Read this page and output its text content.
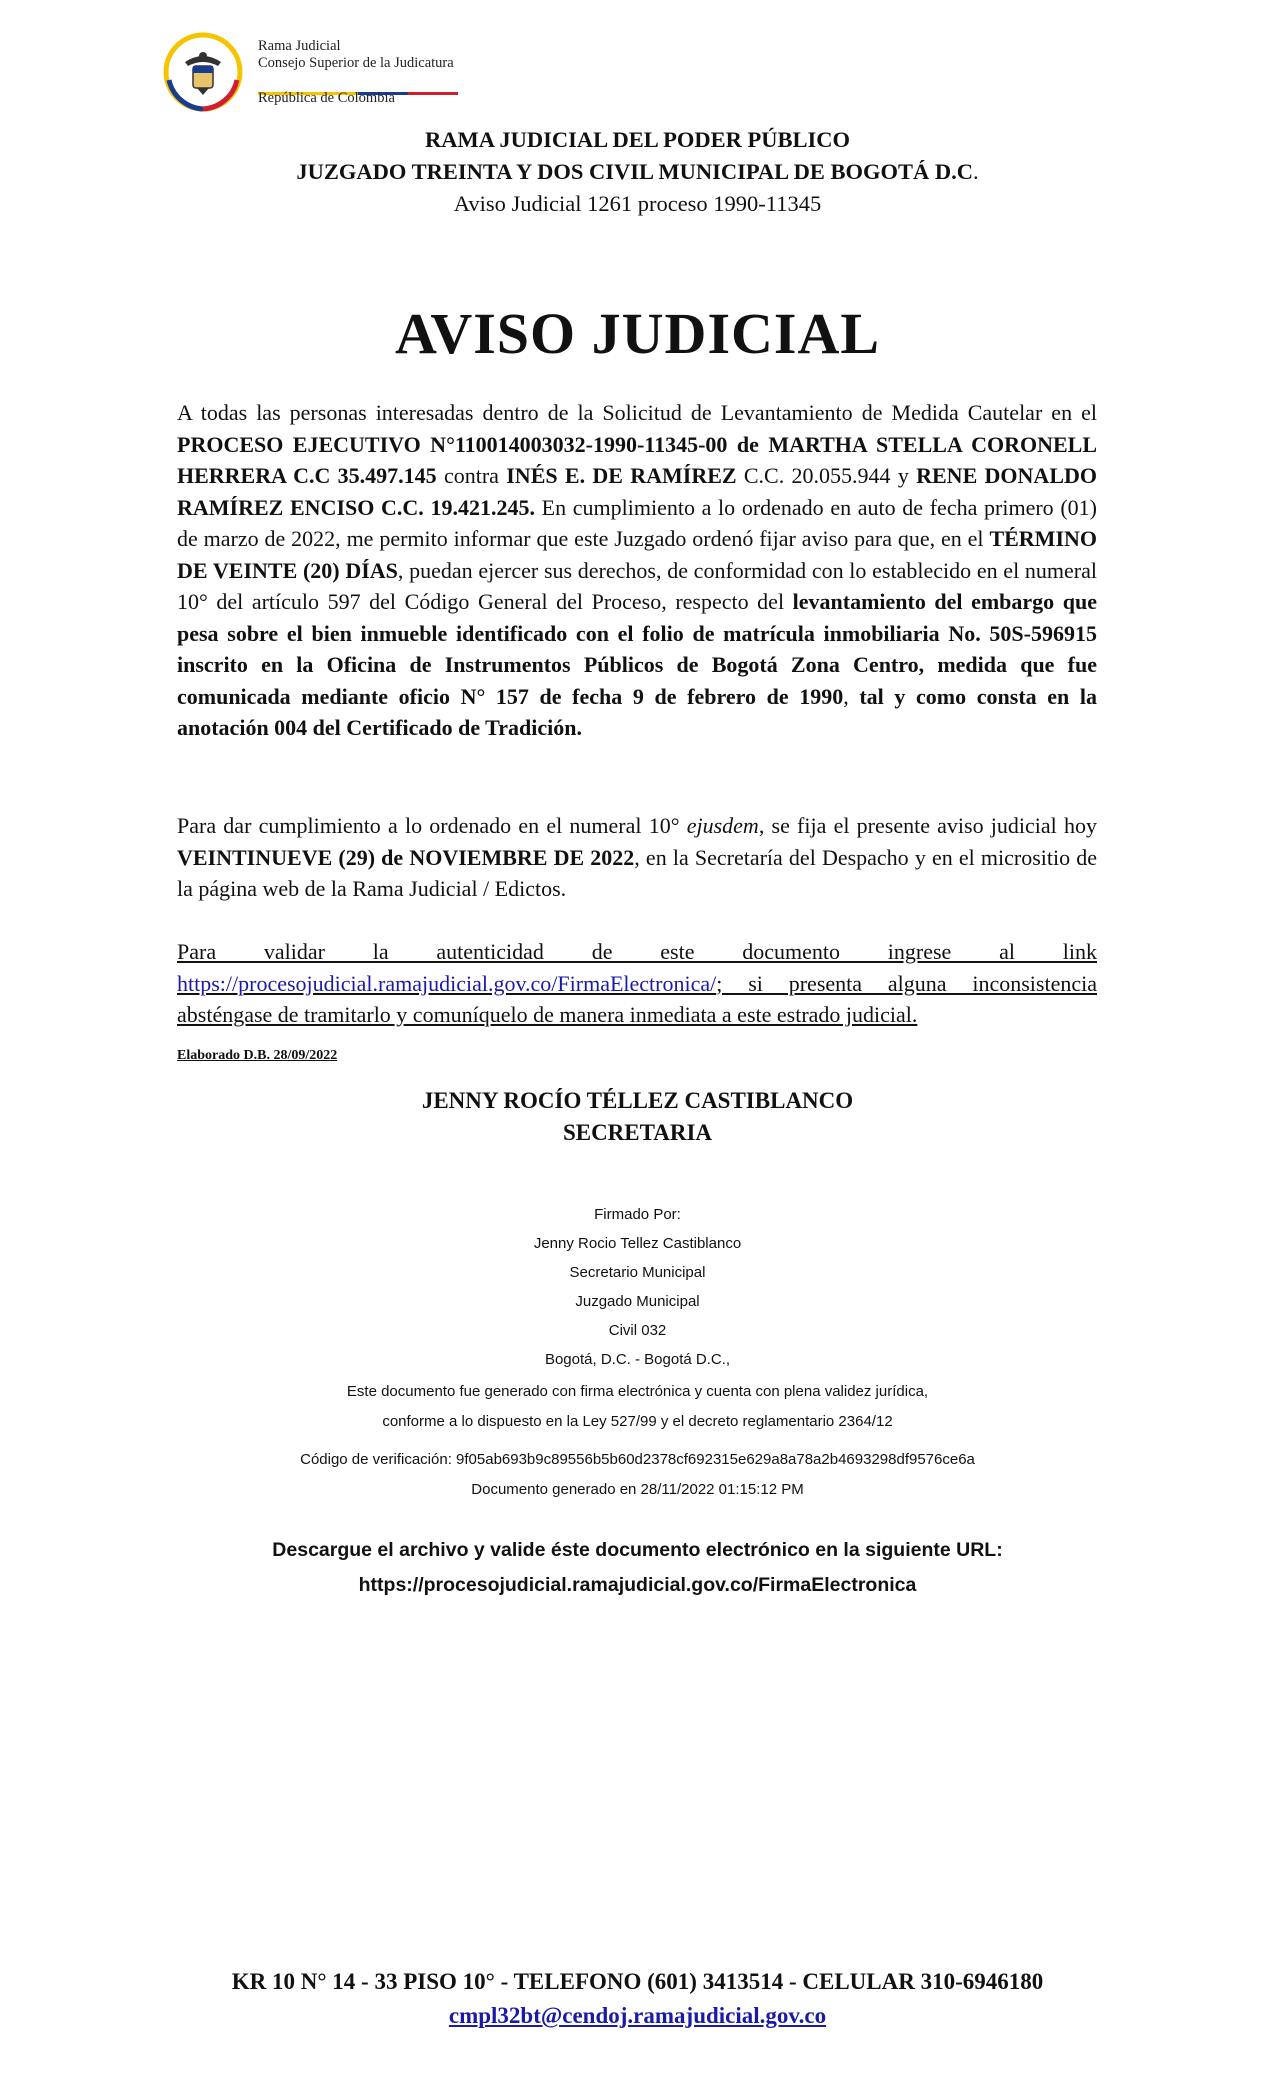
Rama Judicial
Consejo Superior de la Judicatura
República de Colombia
RAMA JUDICIAL DEL PODER PÚBLICO
JUZGADO TREINTA Y DOS CIVIL MUNICIPAL DE BOGOTÁ D.C.
Aviso Judicial 1261 proceso 1990-11345
AVISO JUDICIAL
A todas las personas interesadas dentro de la Solicitud de Levantamiento de Medida Cautelar en el PROCESO EJECUTIVO N°110014003032-1990-11345-00 de MARTHA STELLA CORONELL HERRERA C.C 35.497.145 contra INÉS E. DE RAMÍREZ C.C. 20.055.944 y RENE DONALDO RAMÍREZ ENCISO C.C. 19.421.245. En cumplimiento a lo ordenado en auto de fecha primero (01) de marzo de 2022, me permito informar que este Juzgado ordenó fijar aviso para que, en el TÉRMINO DE VEINTE (20) DÍAS, puedan ejercer sus derechos, de conformidad con lo establecido en el numeral 10° del artículo 597 del Código General del Proceso, respecto del levantamiento del embargo que pesa sobre el bien inmueble identificado con el folio de matrícula inmobiliaria No. 50S-596915 inscrito en la Oficina de Instrumentos Públicos de Bogotá Zona Centro, medida que fue comunicada mediante oficio N° 157 de fecha 9 de febrero de 1990, tal y como consta en la anotación 004 del Certificado de Tradición.
Para dar cumplimiento a lo ordenado en el numeral 10° ejusdem, se fija el presente aviso judicial hoy VEINTINUEVE (29) de NOVIEMBRE DE 2022, en la Secretaría del Despacho y en el micrositio de la página web de la Rama Judicial / Edictos.
Para validar la autenticidad de este documento ingrese al link https://procesojudicial.ramajudicial.gov.co/FirmaElectronica/; si presenta alguna inconsistencia absténgase de tramitarlo y comuníquelo de manera inmediata a este estrado judicial.
Elaborado D.B. 28/09/2022
JENNY ROCÍO TÉLLEZ CASTIBLANCO
SECRETARIA
Firmado Por:
Jenny Rocio Tellez Castiblanco
Secretario Municipal
Juzgado Municipal
Civil 032
Bogotá, D.C. - Bogotá D.C.,
Este documento fue generado con firma electrónica y cuenta con plena validez jurídica,
conforme a lo dispuesto en la Ley 527/99 y el decreto reglamentario 2364/12
Código de verificación: 9f05ab693b9c89556b5b60d2378cf692315e629a8a78a2b4693298df9576ce6a
Documento generado en 28/11/2022 01:15:12 PM
Descargue el archivo y valide éste documento electrónico en la siguiente URL:
https://procesojudicial.ramajudicial.gov.co/FirmaElectronica
KR 10 N° 14 - 33 PISO 10° - TELEFONO (601) 3413514 - CELULAR 310-6946180
cmpl32bt@cendoj.ramajudicial.gov.co
